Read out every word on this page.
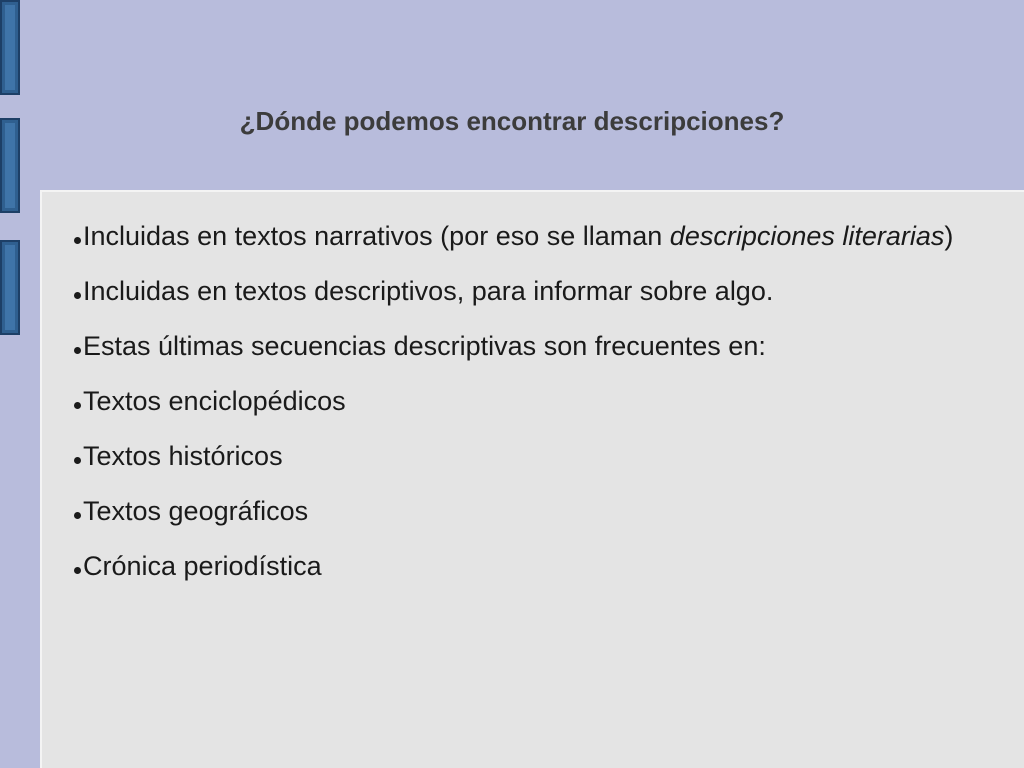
¿Dónde podemos encontrar descripciones?
Incluidas en textos narrativos (por eso se llaman descripciones literarias)
Incluidas en textos descriptivos, para informar sobre algo.
Estas últimas secuencias descriptivas son frecuentes en:
Textos enciclopédicos
Textos históricos
Textos geográficos
Crónica periodística
